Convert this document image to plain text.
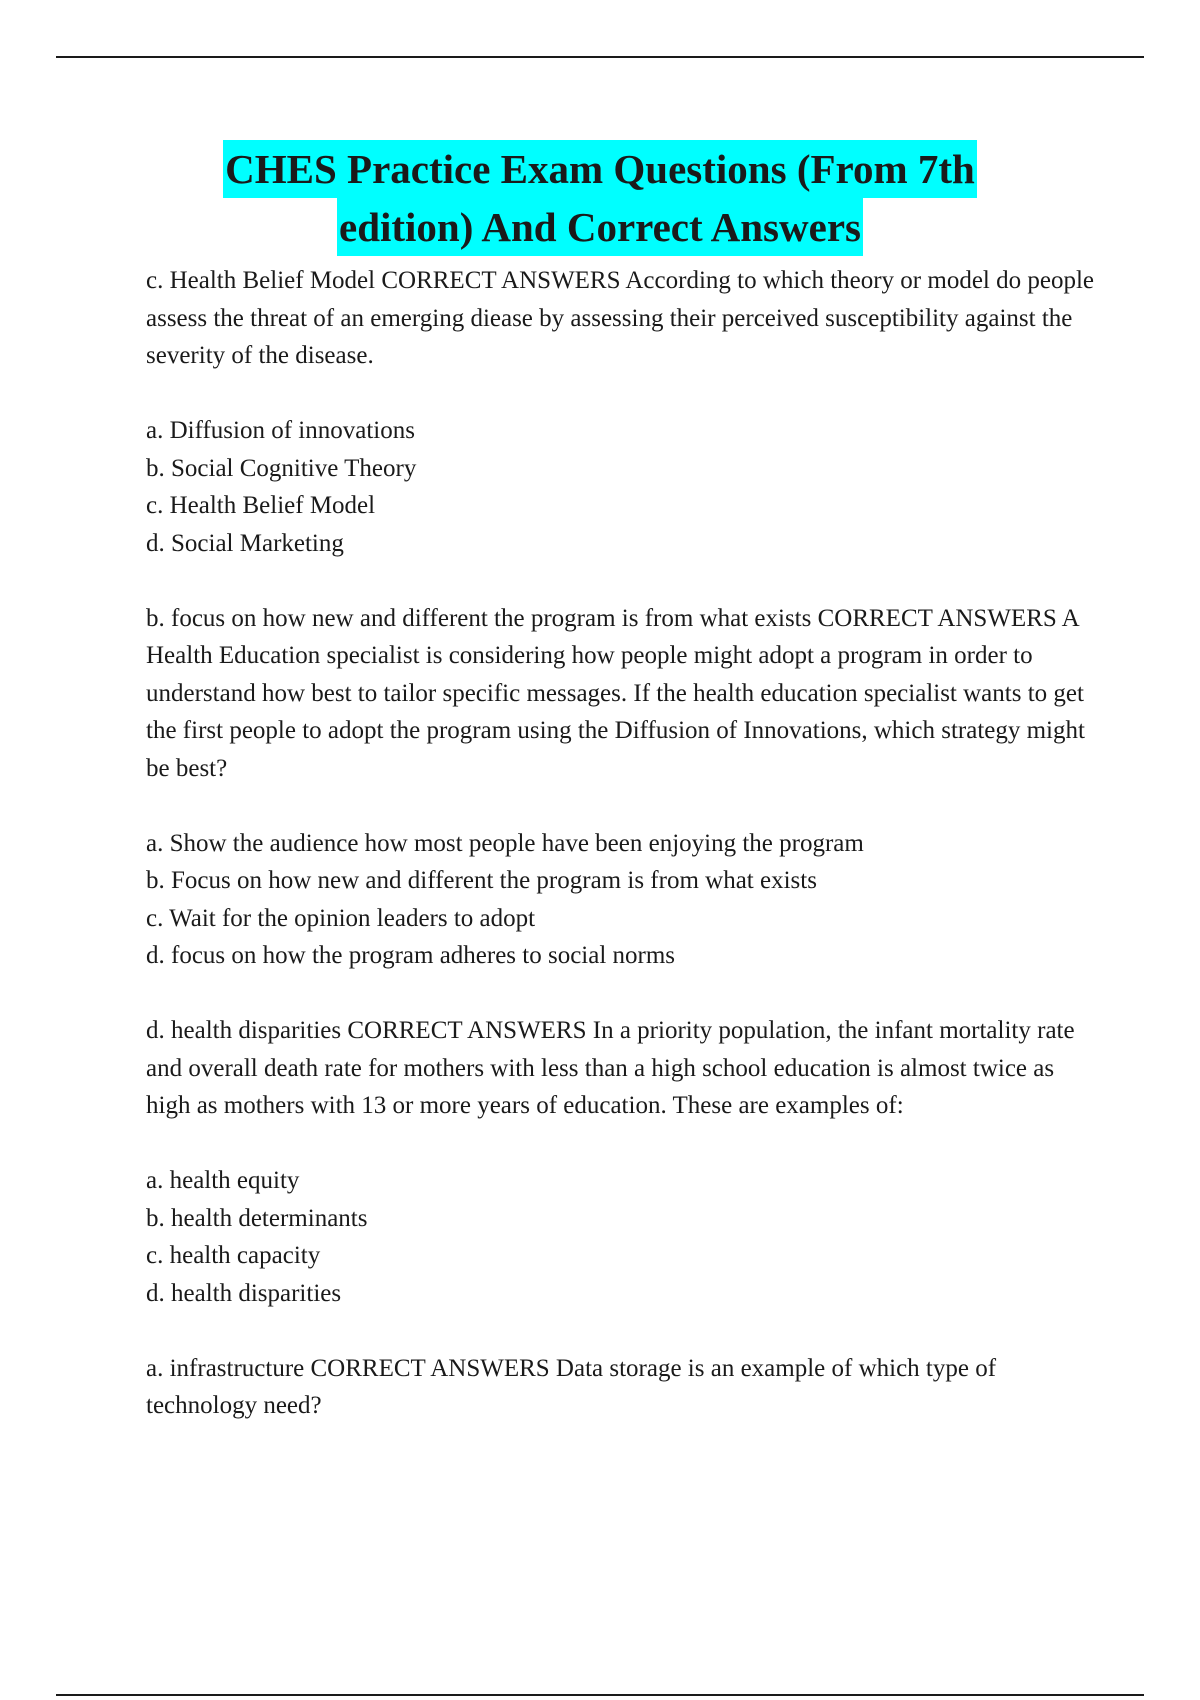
CHES Practice Exam Questions (From 7th
edition) And Correct Answers

c. Health Belief Model CORRECT ANSWERS According to which theory or model do people assess the threat of an emerging diease by assessing their perceived susceptibility against the severity of the disease.

a. Diffusion of innovations
b. Social Cognitive Theory
c. Health Belief Model
d. Social Marketing

b. focus on how new and different the program is from what exists CORRECT ANSWERS A Health Education specialist is considering how people might adopt a program in order to understand how best to tailor specific messages. If the health education specialist wants to get the first people to adopt the program using the Diffusion of Innovations, which strategy might be best?

a. Show the audience how most people have been enjoying the program
b. Focus on how new and different the program is from what exists
c. Wait for the opinion leaders to adopt
d. focus on how the program adheres to social norms

d. health disparities CORRECT ANSWERS In a priority population, the infant mortality rate and overall death rate for mothers with less than a high school education is almost twice as high as mothers with 13 or more years of education. These are examples of:

a. health equity
b. health determinants
c. health capacity
d. health disparities

a. infrastructure CORRECT ANSWERS Data storage is an example of which type of technology need?
